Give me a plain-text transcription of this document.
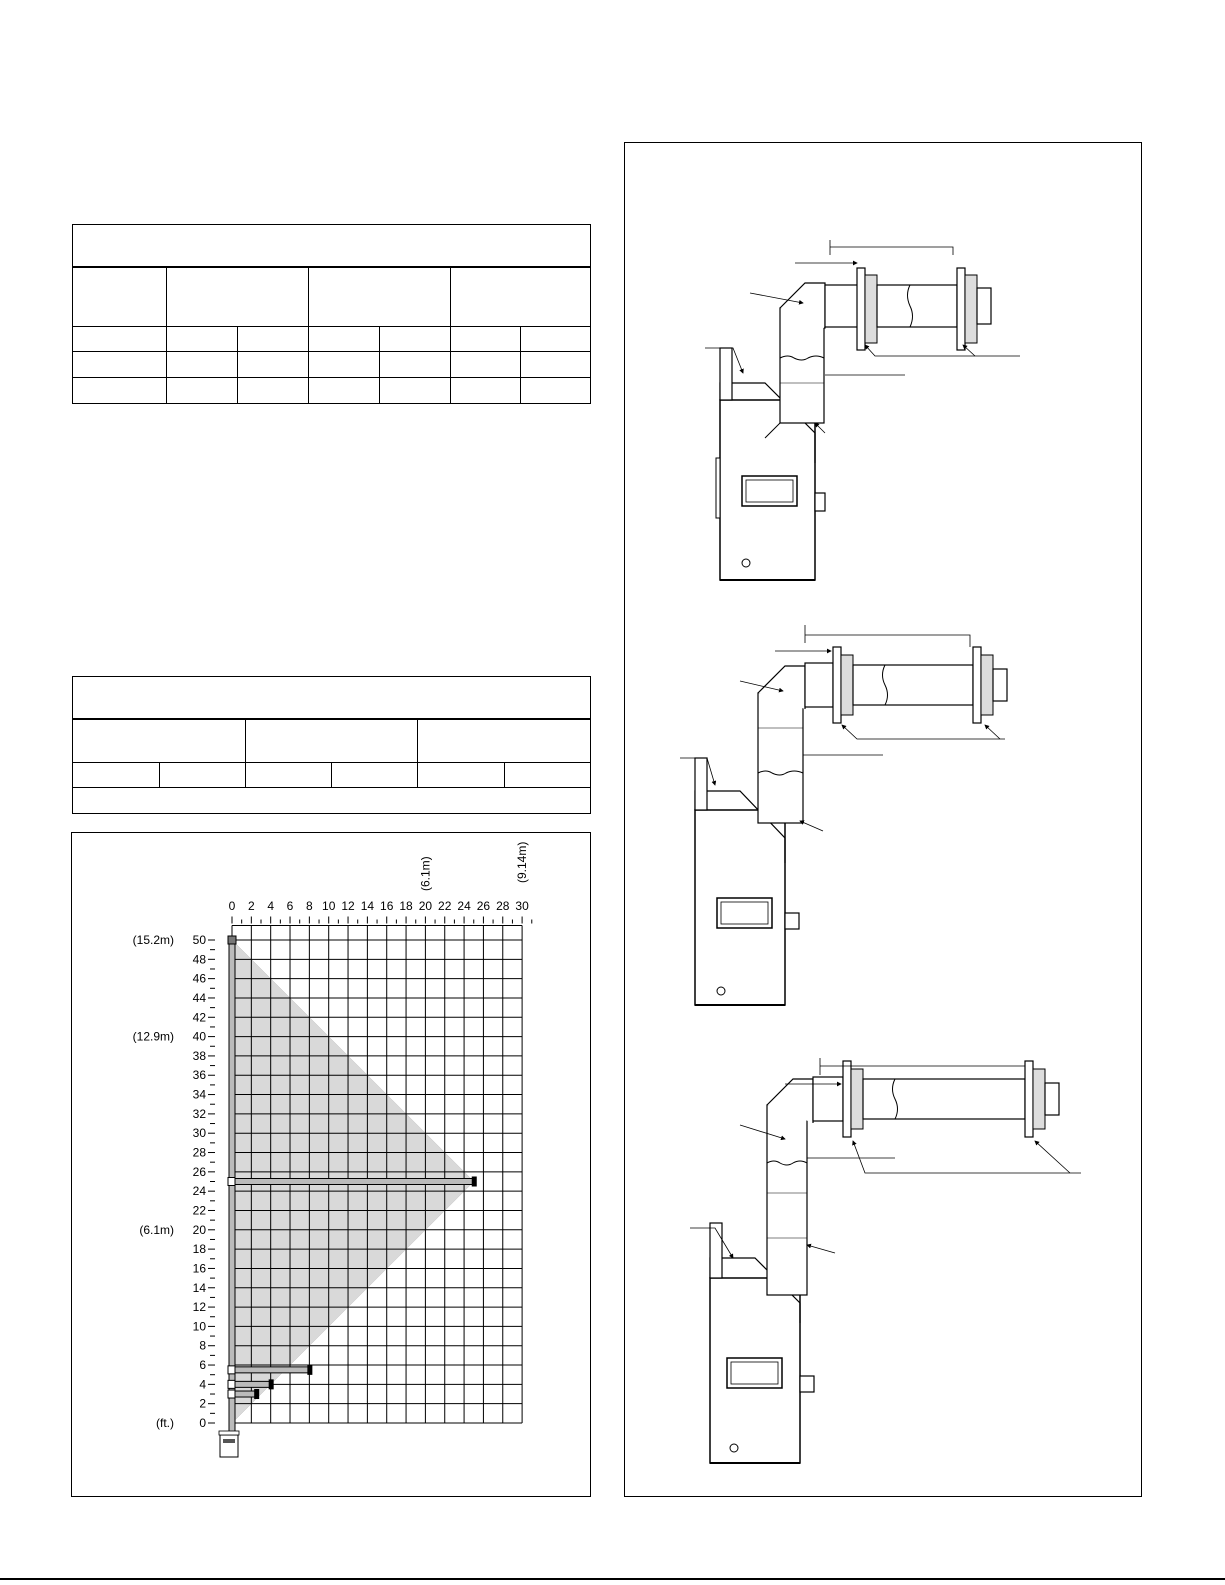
0 2 4 6 8 10 12 14 16 18 20 22 24 26 28 30
(6.1m)	(9.14m)
0
2
4
6
8
10
12
14
16
18
20
22
24
26
28
30
32
34
36
38
40
42
44
46
48
50
(15.2m)
(12.9m)
(6.1m)
(ft.)
